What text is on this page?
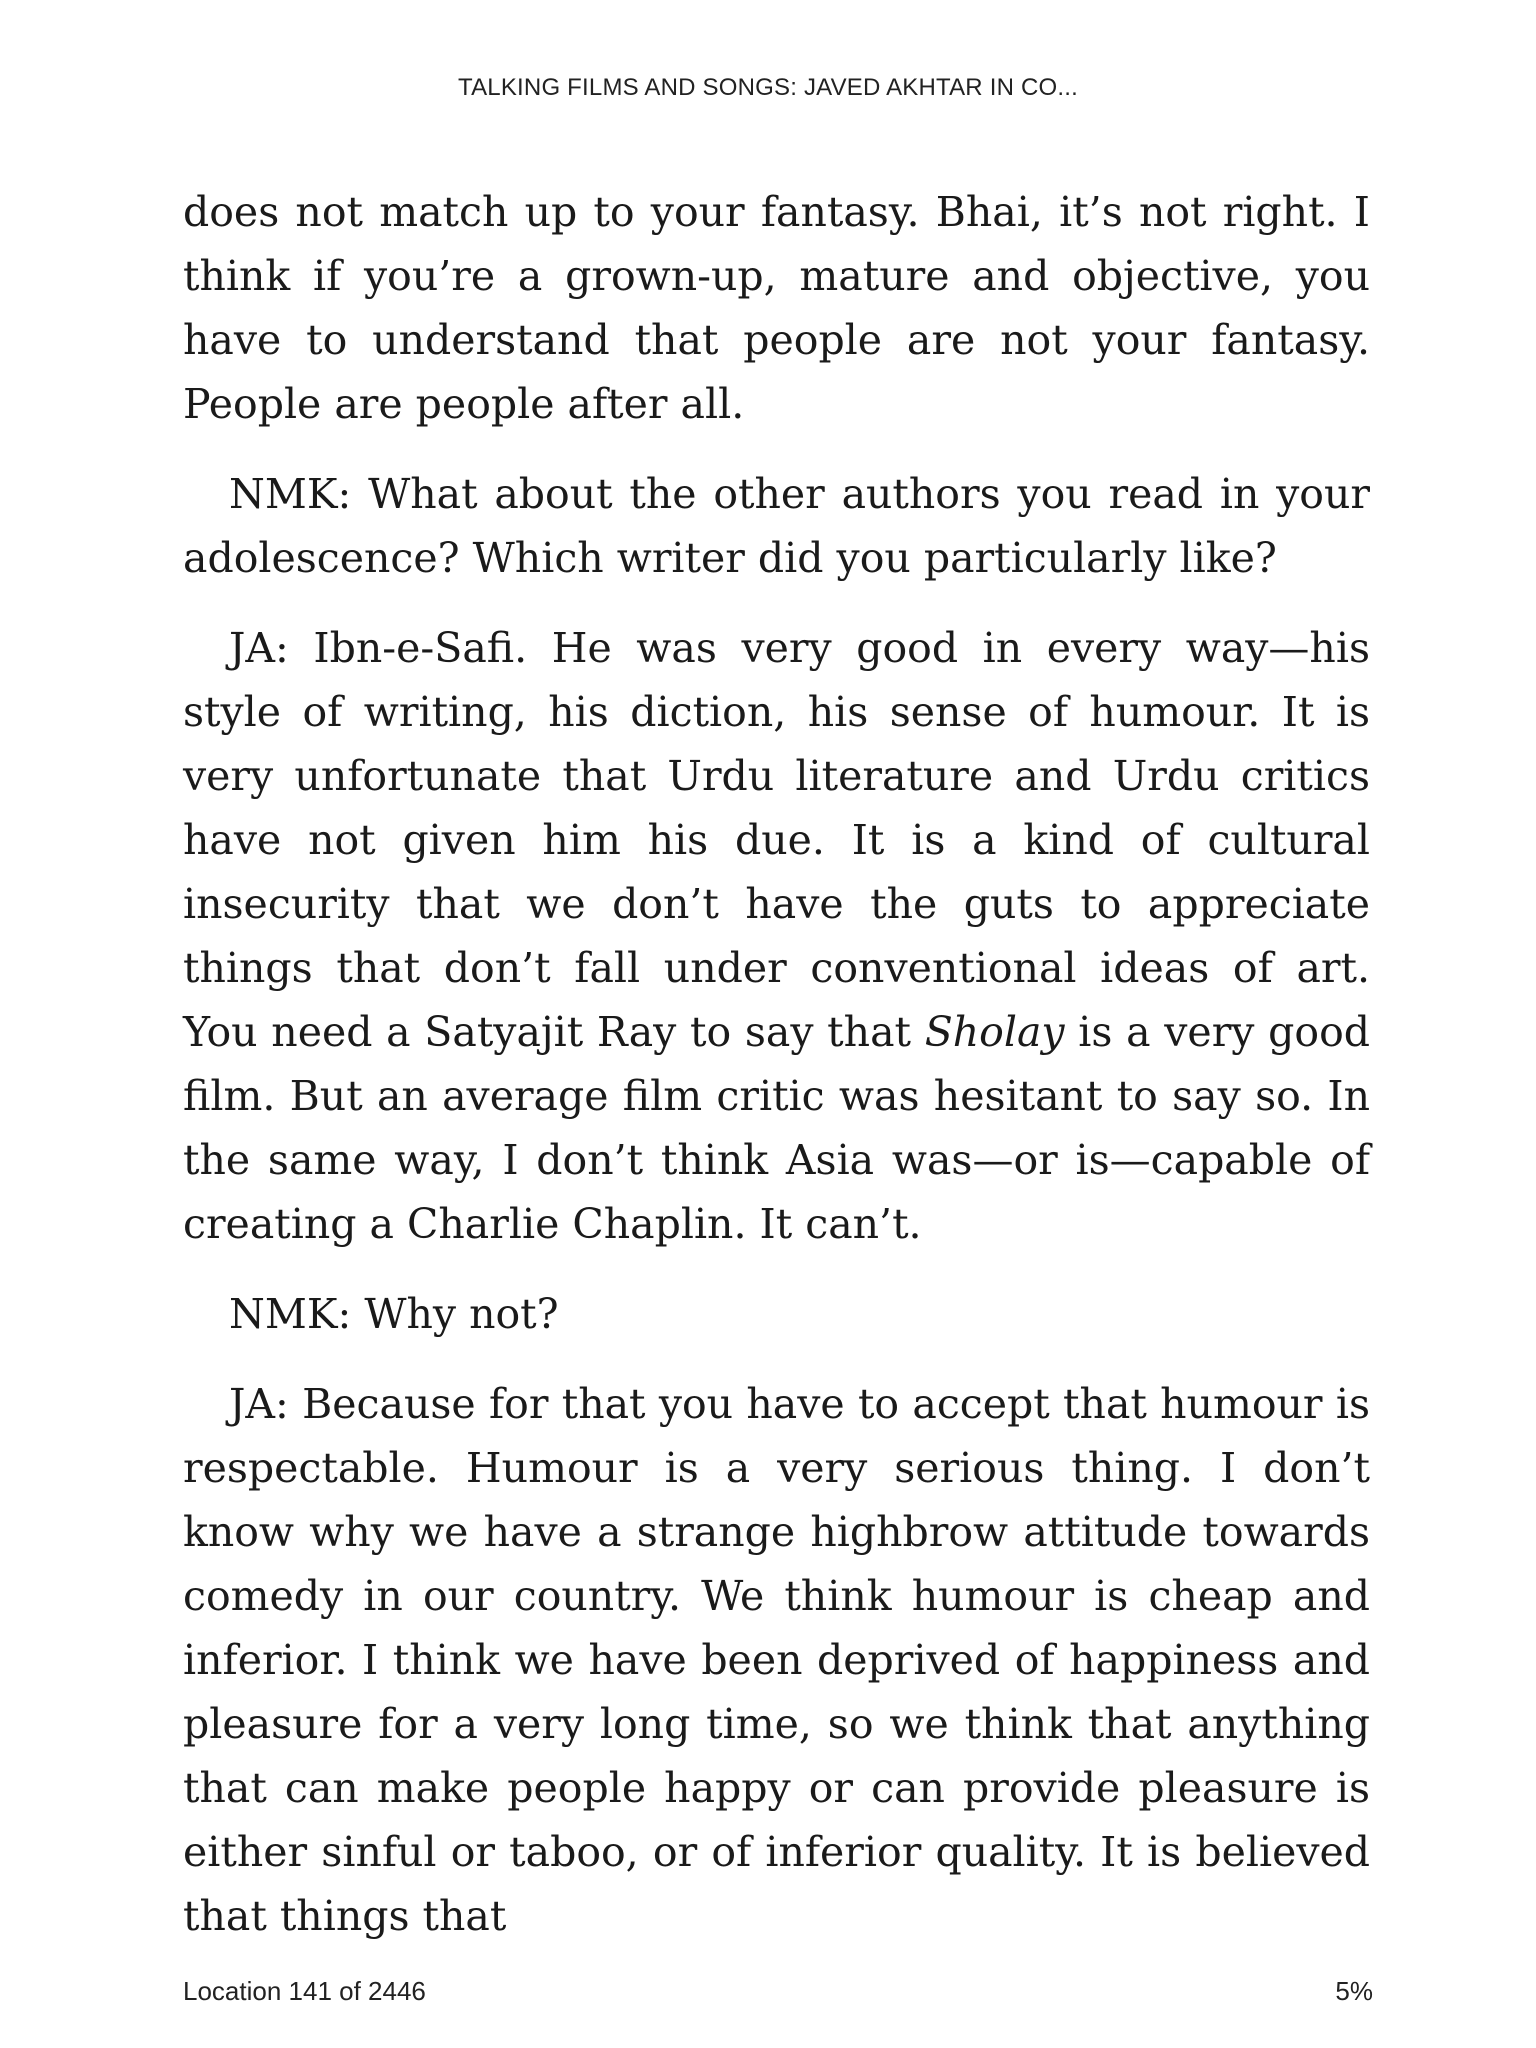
TALKING FILMS AND SONGS: JAVED AKHTAR IN CO...

does not match up to your fantasy. Bhai, it’s not right. I think if you’re a grown-up, mature and objective, you have to understand that people are not your fantasy. People are people after all.

NMK: What about the other authors you read in your adolescence? Which writer did you particularly like?

JA: Ibn-e-Safi. He was very good in every way—his style of writing, his diction, his sense of humour. It is very unfortunate that Urdu literature and Urdu critics have not given him his due. It is a kind of cultural insecurity that we don’t have the guts to appreciate things that don’t fall under conventional ideas of art. You need a Satyajit Ray to say that Sholay is a very good film. But an average film critic was hesitant to say so. In the same way, I don’t think Asia was—or is—capable of creating a Charlie Chaplin. It can’t.

NMK: Why not?

JA: Because for that you have to accept that humour is respectable. Humour is a very serious thing. I don’t know why we have a strange highbrow attitude towards comedy in our country. We think humour is cheap and inferior. I think we have been deprived of happiness and pleasure for a very long time, so we think that anything that can make people happy or can provide pleasure is either sinful or taboo, or of inferior quality. It is believed that things that

Location 141 of 2446	5%
